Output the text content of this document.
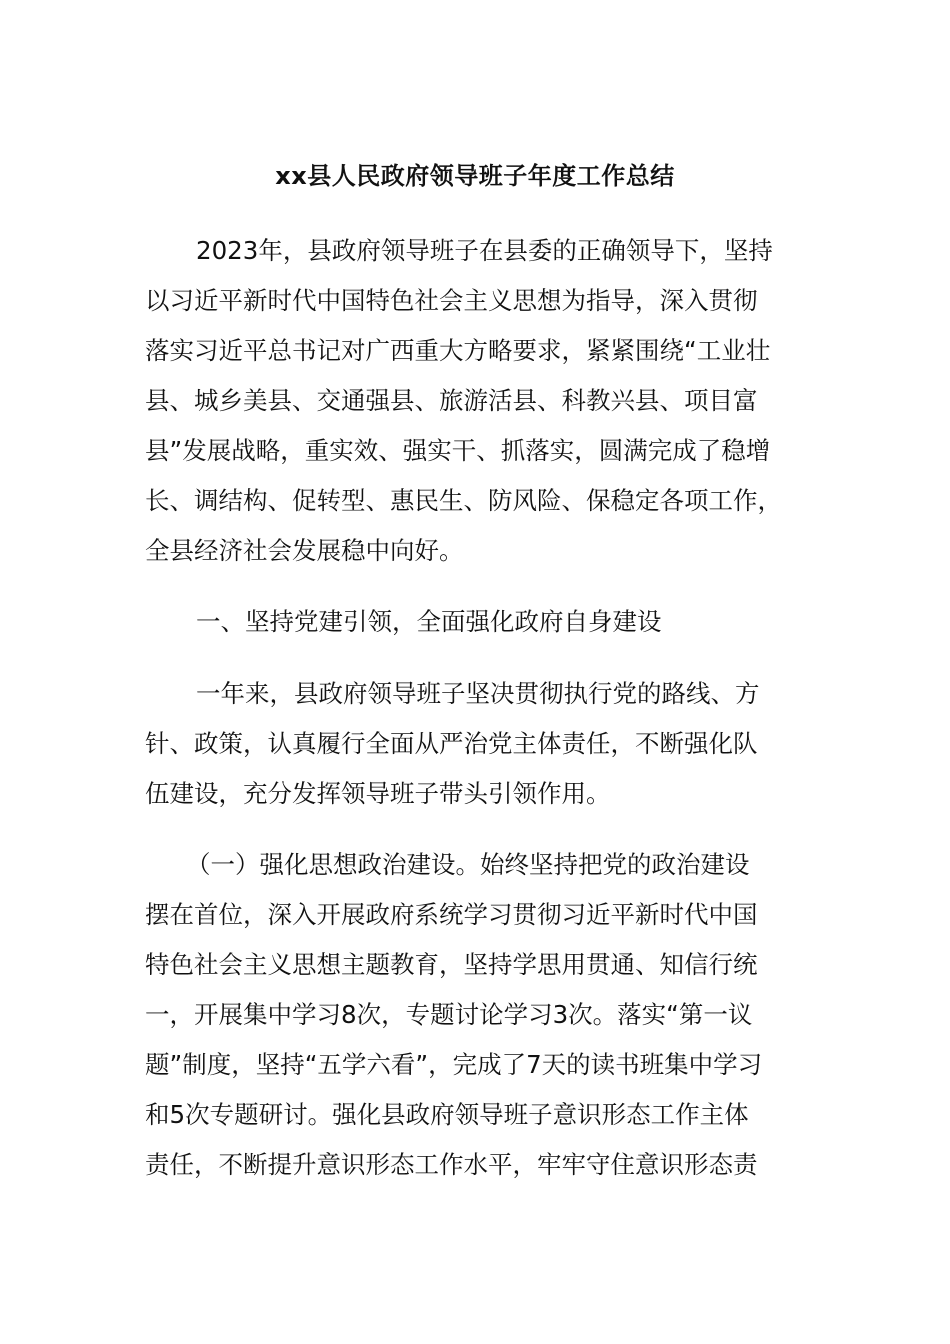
xx县人民政府领导班子年度工作总结
2023年，县政府领导班子在县委的正确领导下，坚持
以习近平新时代中国特色社会主义思想为指导，深入贯彻
落实习近平总书记对广西重大方略要求，紧紧围绕“工业壮
县、城乡美县、交通强县、旅游活县、科教兴县、项目富
县”发展战略，重实效、强实干、抓落实，圆满完成了稳增
长、调结构、促转型、惠民生、防风险、保稳定各项工作，
全县经济社会发展稳中向好。
一、坚持党建引领，全面强化政府自身建设
一年来，县政府领导班子坚决贯彻执行党的路线、方
针、政策，认真履行全面从严治党主体责任，不断强化队
伍建设，充分发挥领导班子带头引领作用。
（一）强化思想政治建设。始终坚持把党的政治建设
摆在首位，深入开展政府系统学习贯彻习近平新时代中国
特色社会主义思想主题教育，坚持学思用贯通、知信行统
一，开展集中学习8次，专题讨论学习3次。落实“第一议
题”制度，坚持“五学六看”，完成了7天的读书班集中学习
和5次专题研讨。强化县政府领导班子意识形态工作主体
责任，不断提升意识形态工作水平，牢牢守住意识形态责
